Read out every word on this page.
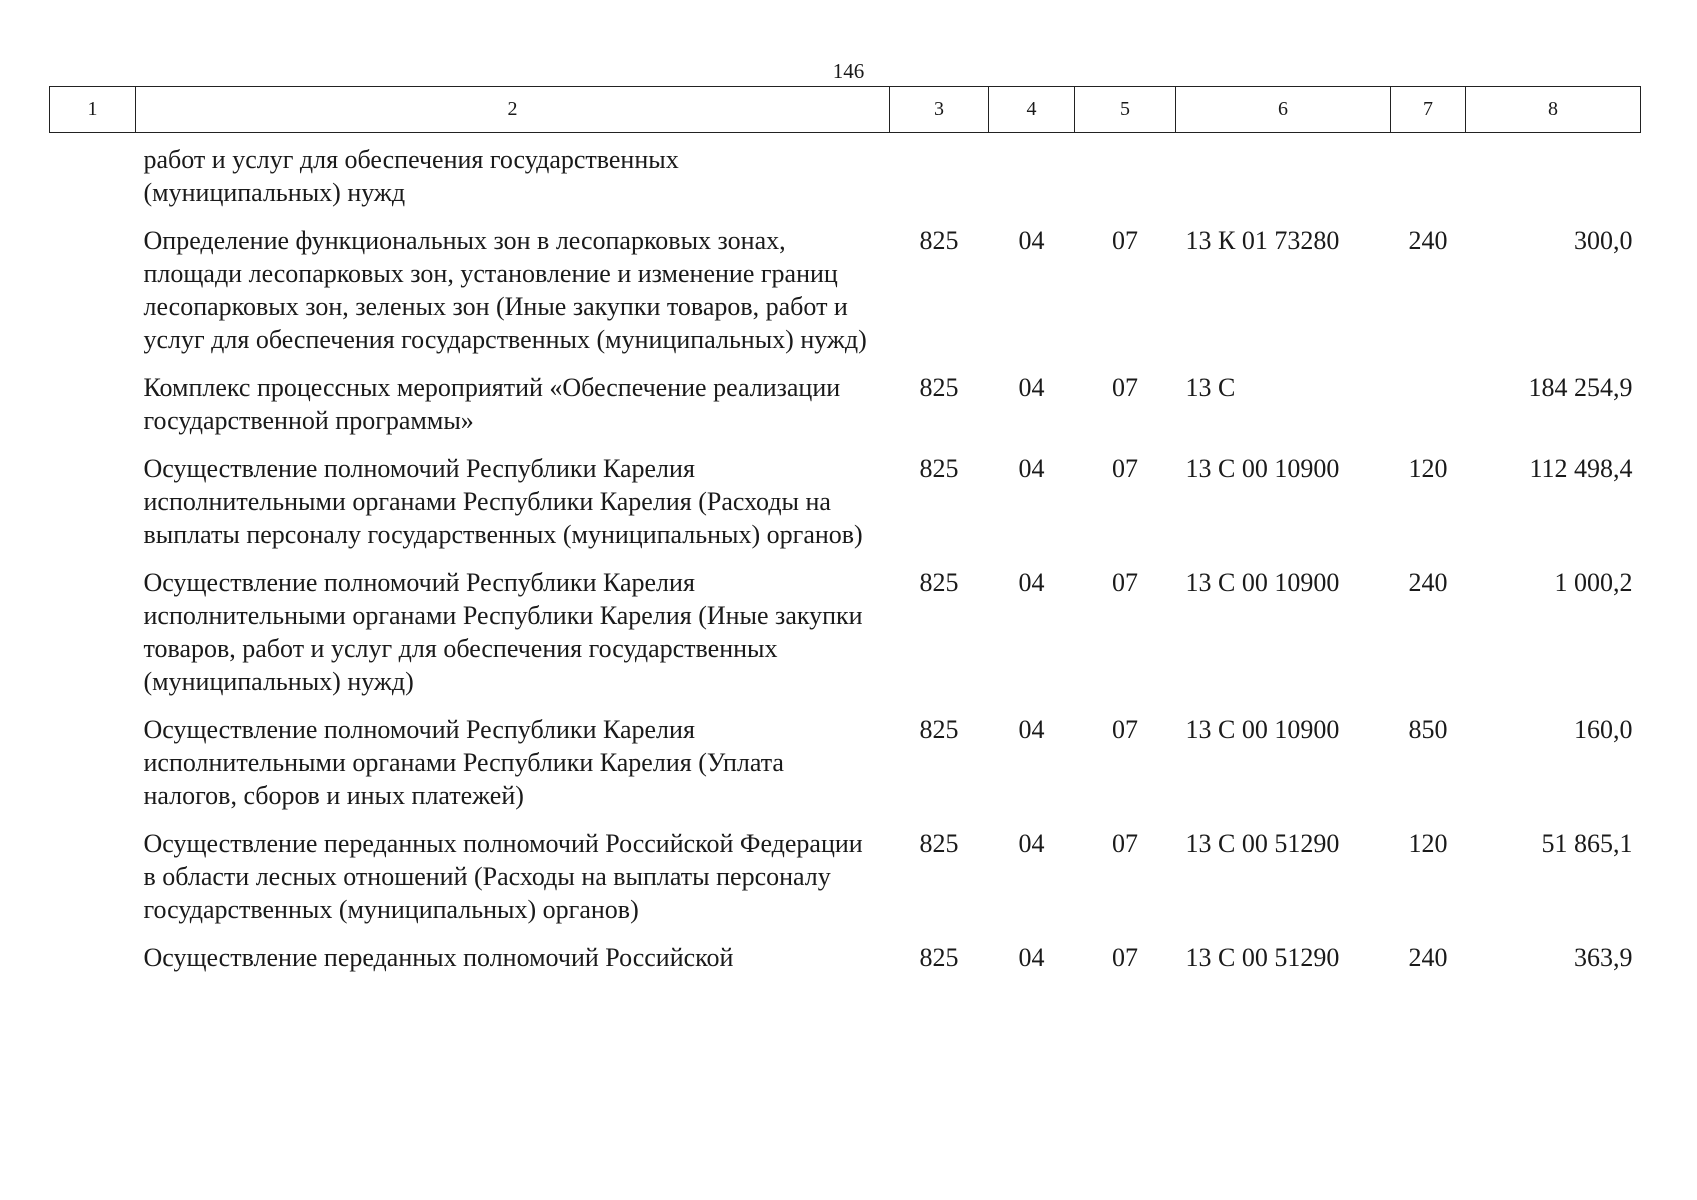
146
1	2	3	4	5	6	7	8
работ и услуг для обеспечения государственных (муниципальных) нужд							
Определение функциональных зон в лесопарковых зонах, площади лесопарковых зон, установление и изменение границ лесопарковых зон, зеленых зон (Иные закупки товаров, работ и услуг для обеспечения государственных (муниципальных) нужд)		825	04	07	13 К 01 73280	240	300,0
Комплекс процессных мероприятий «Обеспечение реализации государственной программы»		825	04	07	13 С		184 254,9
Осуществление полномочий Республики Карелия исполнительными органами Республики Карелия (Расходы на выплаты персоналу государственных (муниципальных) органов)		825	04	07	13 С 00 10900	120	112 498,4
Осуществление полномочий Республики Карелия исполнительными органами Республики Карелия (Иные закупки товаров, работ и услуг для обеспечения государственных (муниципальных) нужд)		825	04	07	13 С 00 10900	240	1 000,2
Осуществление полномочий Республики Карелия исполнительными органами Республики Карелия (Уплата налогов, сборов и иных платежей)		825	04	07	13 С 00 10900	850	160,0
Осуществление переданных полномочий Российской Федерации в области лесных отношений (Расходы на выплаты персоналу государственных (муниципальных) органов)		825	04	07	13 С 00 51290	120	51 865,1
Осуществление переданных полномочий Российской		825	04	07	13 С 00 51290	240	363,9
